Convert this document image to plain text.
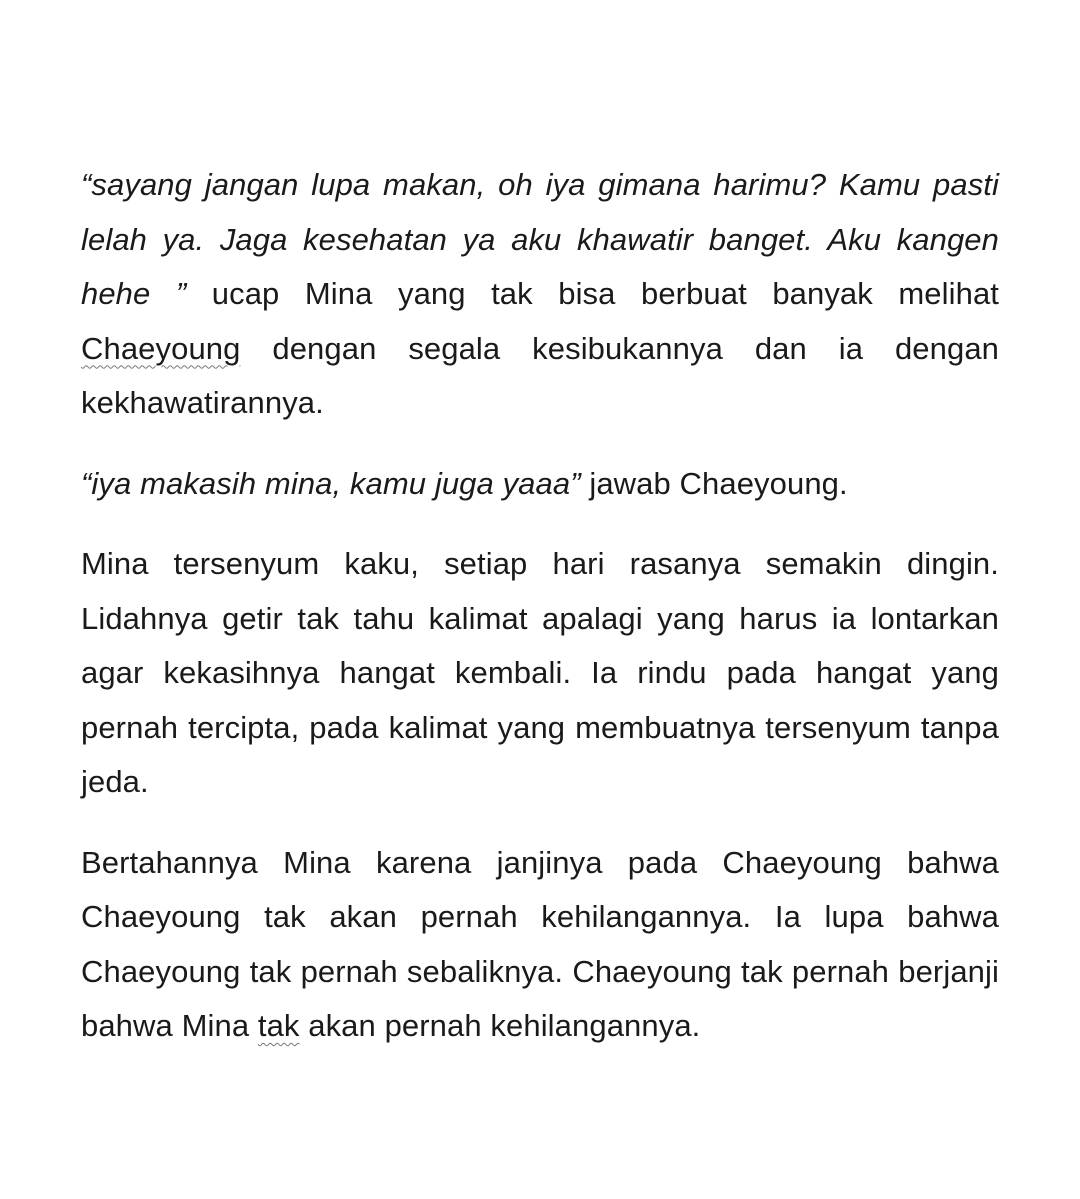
“sayang jangan lupa makan, oh iya gimana harimu? Kamu pasti lelah ya. Jaga kesehatan ya aku khawatir banget. Aku kangen hehe ” ucap Mina yang tak bisa berbuat banyak melihat Chaeyoung dengan segala kesibukannya dan ia dengan kekhawatirannya.

“iya makasih mina, kamu juga yaaa” jawab Chaeyoung.

Mina tersenyum kaku, setiap hari rasanya semakin dingin. Lidahnya getir tak tahu kalimat apalagi yang harus ia lontarkan agar kekasihnya hangat kembali. Ia rindu pada hangat yang pernah tercipta, pada kalimat yang membuatnya tersenyum tanpa jeda.

Bertahannya Mina karena janjinya pada Chaeyoung bahwa Chaeyoung tak akan pernah kehilangannya. Ia lupa bahwa Chaeyoung tak pernah sebaliknya. Chaeyoung tak pernah berjanji bahwa Mina tak akan pernah kehilangannya.
